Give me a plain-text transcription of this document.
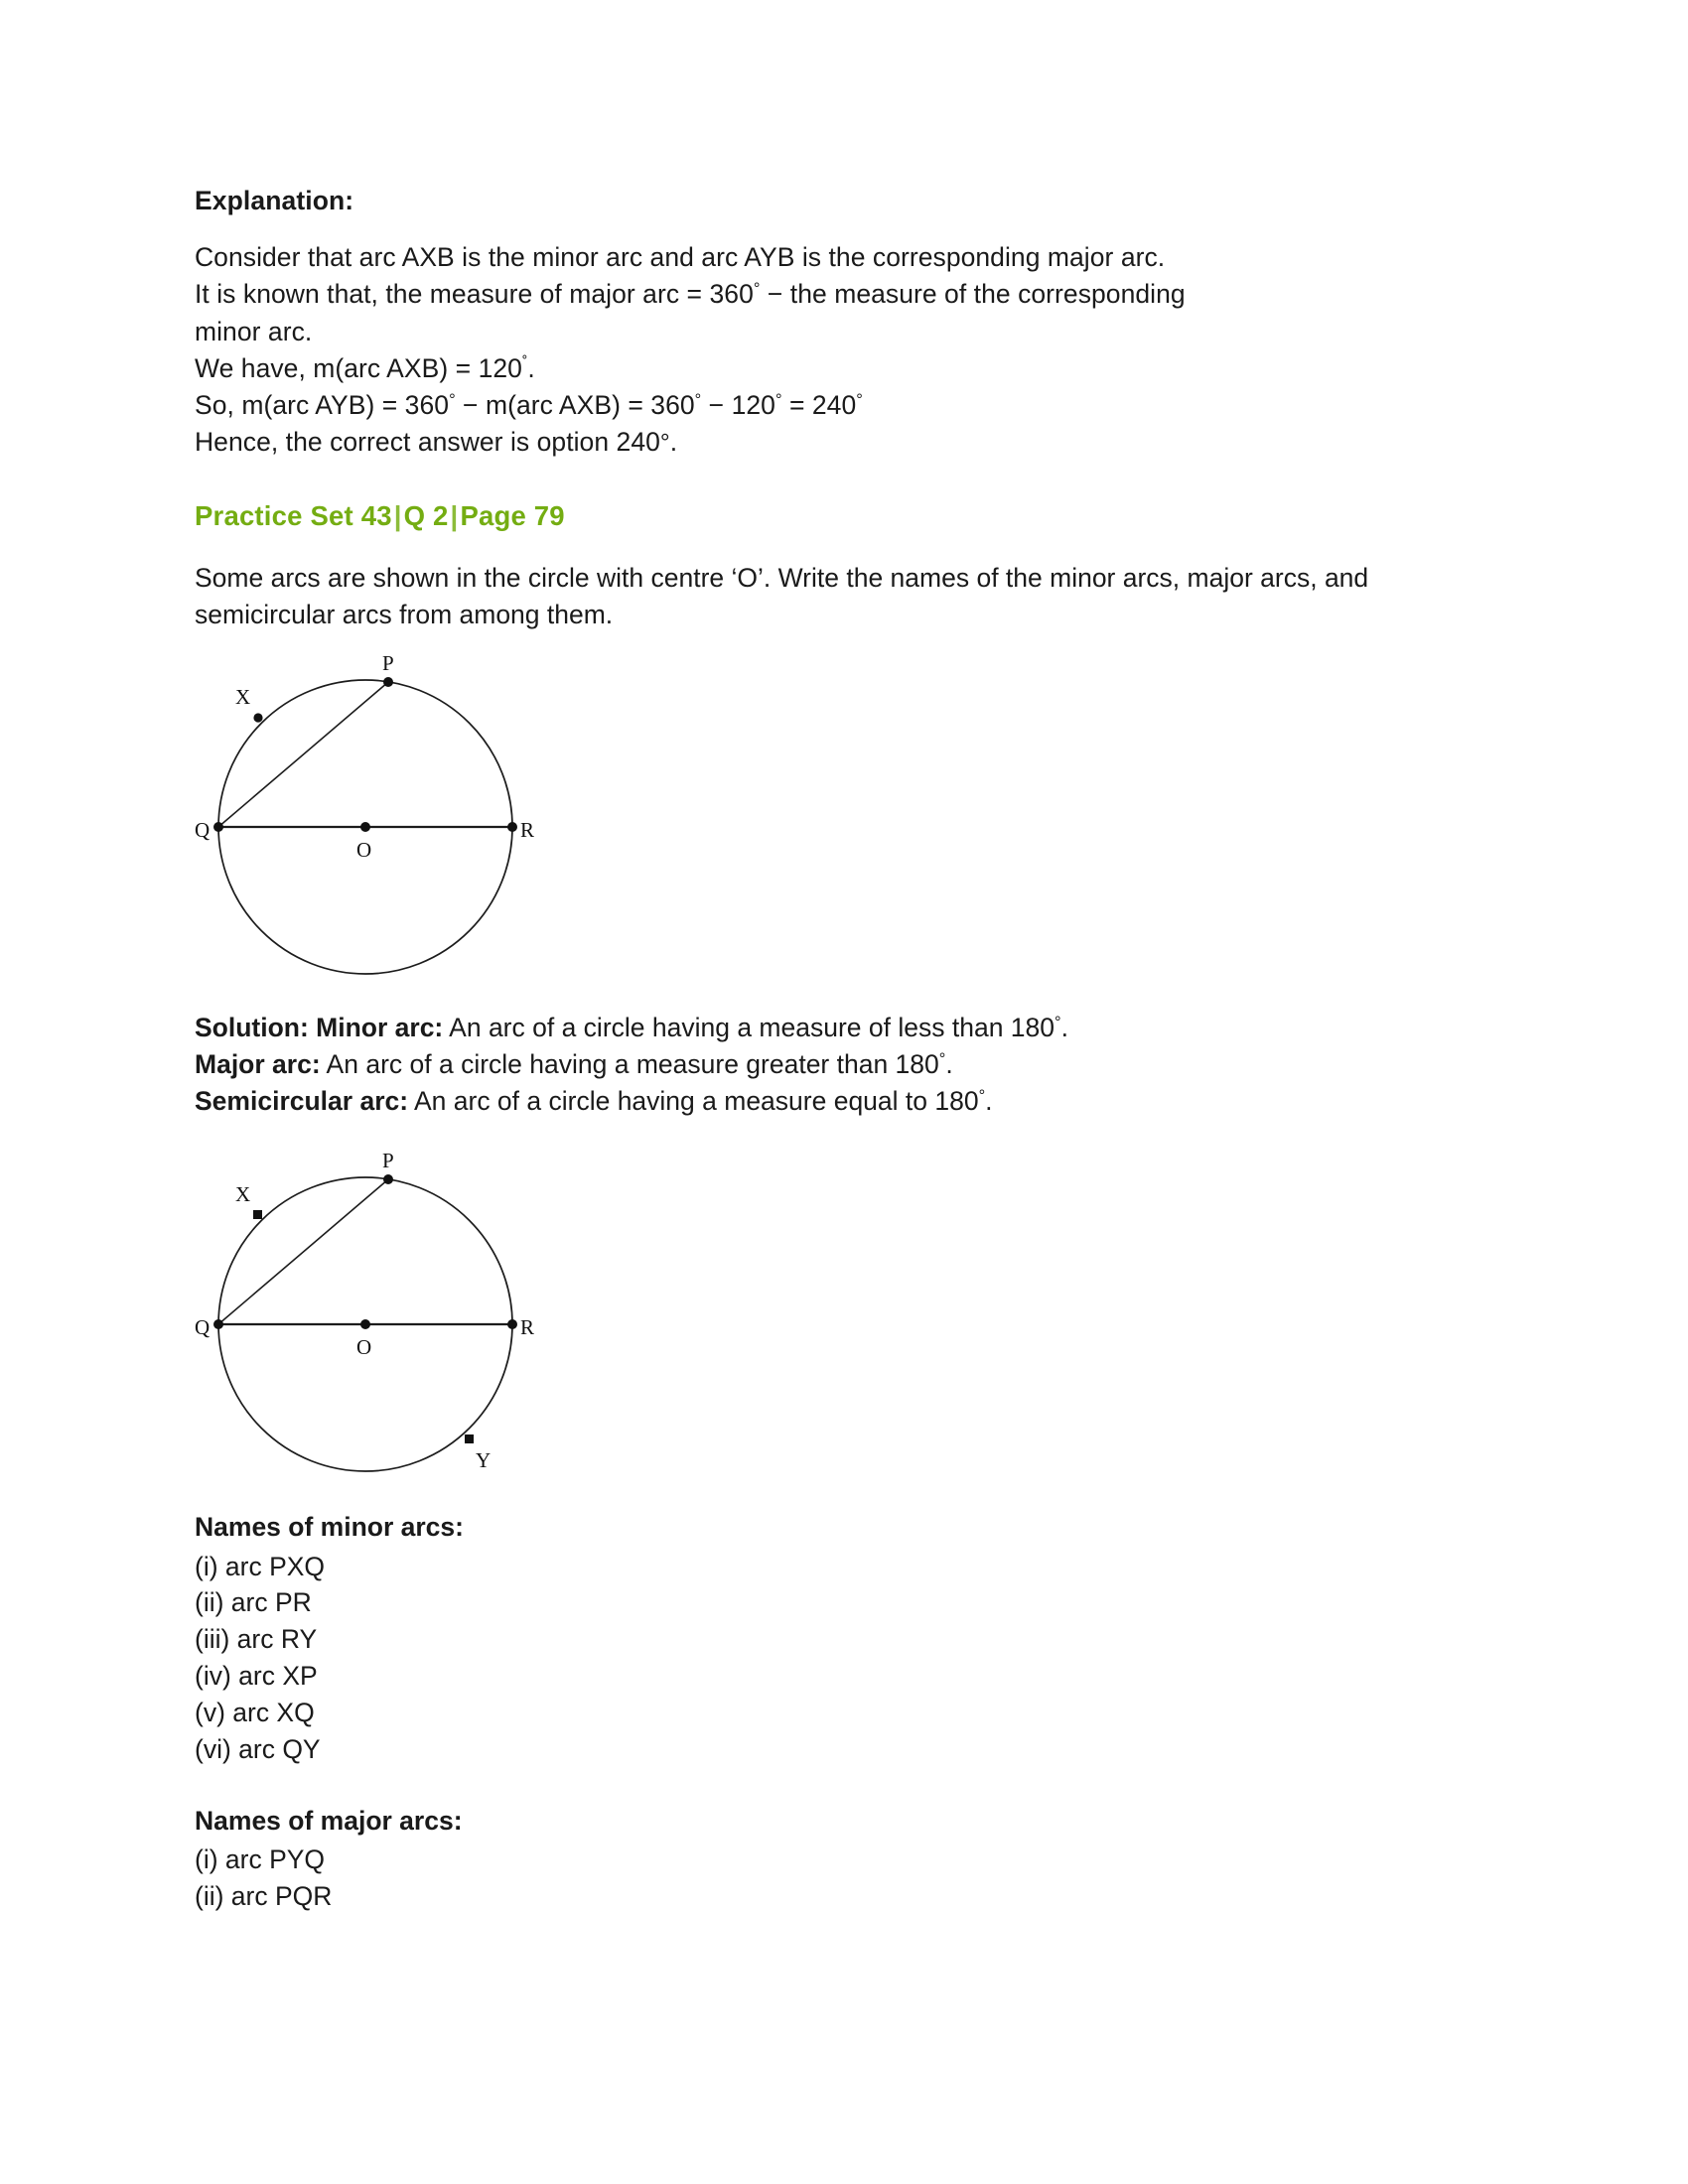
Explanation:
Consider that arc AXB is the minor arc and arc AYB is the corresponding major arc.
It is known that, the measure of major arc = 360° − the measure of the corresponding
minor arc.
We have, m(arc AXB) = 120˚.
So, m(arc AYB) = 360° − m(arc AXB) = 360° − 120° = 240°
Hence, the correct answer is option 240°.
Practice Set 43|Q 2|Page 79
Some arcs are shown in the circle with centre ‘O’. Write the names of the minor arcs, major arcs, and semicircular arcs from among them.
P
X
Q
O
R
Solution: Minor arc: An arc of a circle having a measure of less than 180°.
Major arc: An arc of a circle having a measure greater than 180°.
Semicircular arc: An arc of a circle having a measure equal to 180°.
P
X
Q
O
R
Y
Names of minor arcs:
(i) arc PXQ
(ii) arc PR
(iii) arc RY
(iv) arc XP
(v) arc XQ
(vi) arc QY
Names of major arcs:
(i) arc PYQ
(ii) arc PQR
